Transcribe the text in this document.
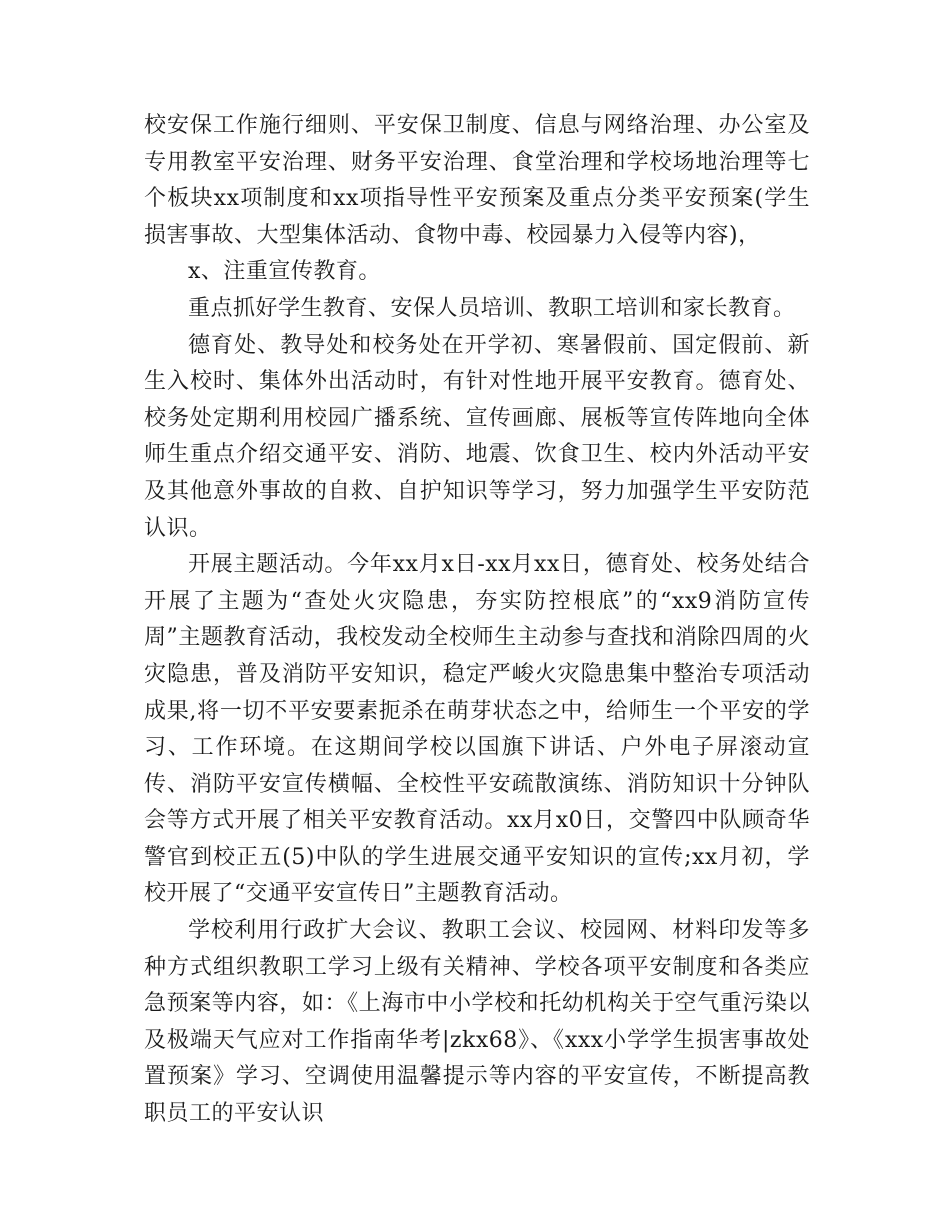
校安保工作施行细则、平安保卫制度、信息与网络治理、办公室及专用教室平安治理、财务平安治理、食堂治理和学校场地治理等七个板块xx项制度和xx项指导性平安预案及重点分类平安预案(学生损害事故、大型集体活动、食物中毒、校园暴力入侵等内容)，

x、注重宣传教育。

重点抓好学生教育、安保人员培训、教职工培训和家长教育。

德育处、教导处和校务处在开学初、寒暑假前、国定假前、新生入校时、集体外出活动时，有针对性地开展平安教育。德育处、校务处定期利用校园广播系统、宣传画廊、展板等宣传阵地向全体师生重点介绍交通平安、消防、地震、饮食卫生、校内外活动平安及其他意外事故的自救、自护知识等学习，努力加强学生平安防范认识。

开展主题活动。今年xx月x日-xx月xx日，德育处、校务处结合开展了主题为“查处火灾隐患，夯实防控根底”的“xx9消防宣传周”主题教育活动，我校发动全校师生主动参与查找和消除四周的火灾隐患，普及消防平安知识，稳定严峻火灾隐患集中整治专项活动成果,将一切不平安要素扼杀在萌芽状态之中，给师生一个平安的学习、工作环境。在这期间学校以国旗下讲话、户外电子屏滚动宣传、消防平安宣传横幅、全校性平安疏散演练、消防知识十分钟队会等方式开展了相关平安教育活动。xx月x0日，交警四中队顾奇华警官到校正五(5)中队的学生进展交通平安知识的宣传;xx月初，学校开展了“交通平安宣传日”主题教育活动。

学校利用行政扩大会议、教职工会议、校园网、材料印发等多种方式组织教职工学习上级有关精神、学校各项平安制度和各类应急预案等内容，如：《上海市中小学校和托幼机构关于空气重污染以及极端天气应对工作指南华考|zkx68》、《xxx小学学生损害事故处置预案》学习、空调使用温馨提示等内容的平安宣传，不断提高教职员工的平安认识
